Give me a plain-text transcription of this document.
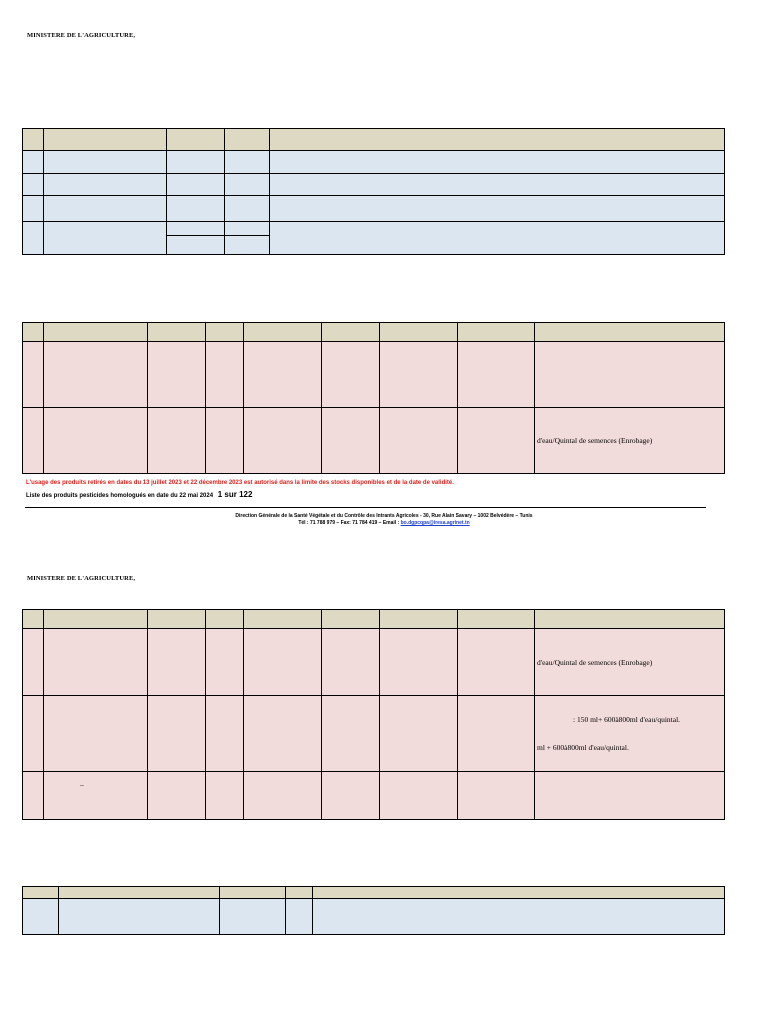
MINISTERE DE L'AGRICULTURE,

								d'eau/Quintal de semences (Enrobage)
L'usage des produits retirés en dates du 13 juillet 2023 et 22 décembre 2023 est autorisé dans la limite des stocks disponibles et de la date de validité.
Liste des produits pesticides homologués en date du 22 mai 2024 1 sur 122
Direction Générale de la Santé Végétale et du Contrôle des Intrants Agricoles - 30, Rue Alain Savary – 1002 Belvédère – Tunis
Tél : 71 788 979 – Fax: 71 784 419 – Email : bo.dgpcqpa@iresa.agrinet.tn
MINISTERE DE L'AGRICULTURE,

								d'eau/Quintal de semences (Enrobage)

								: 150 ml+ 600à800ml d'eau/quintal.
ml + 600à800ml d'eau/quintal.

	–							
